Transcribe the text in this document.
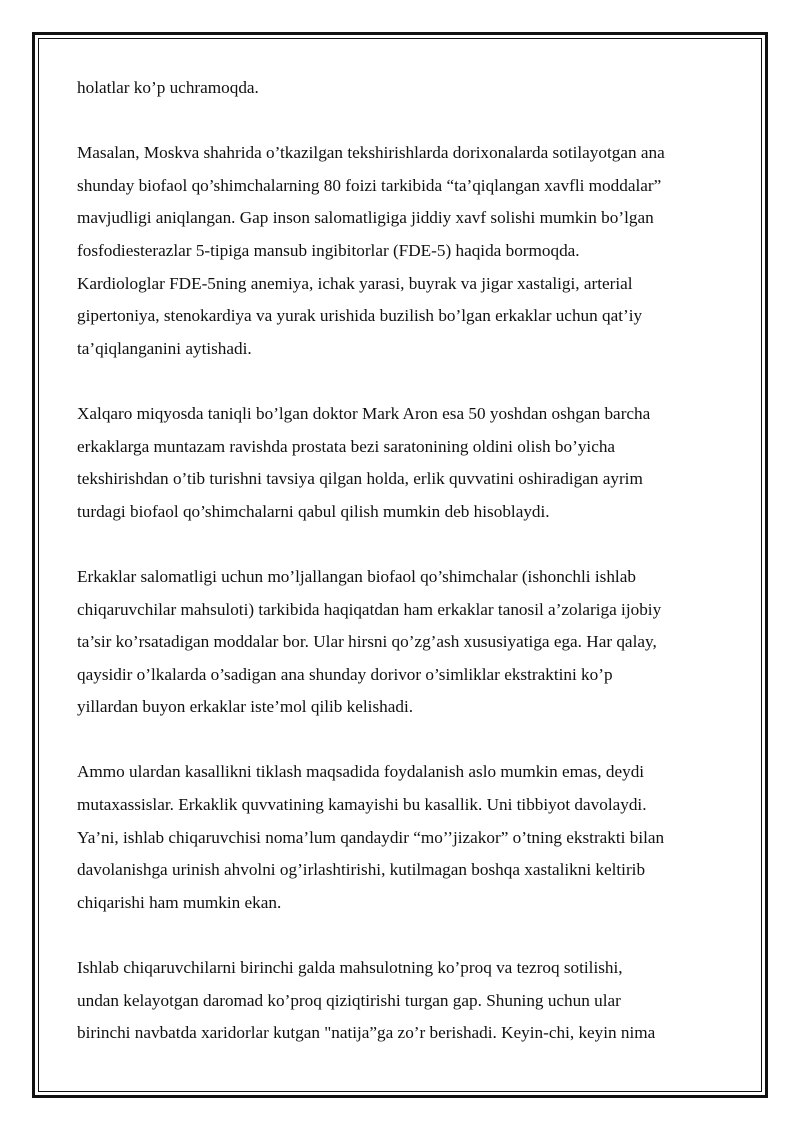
holatlar ko’p uchramoqda.

Masalan, Moskva shahrida o’tkazilgan tekshirishlarda dorixonalarda sotilayotgan ana
shunday biofaol qo’shimchalarning 80 foizi tarkibida “ta’qiqlangan xavfli moddalar”
mavjudligi aniqlangan. Gap inson salomatligiga jiddiy xavf solishi mumkin bo’lgan
fosfodiesterazlar 5-tipiga mansub ingibitorlar (FDE-5) haqida bormoqda.
Kardiologlar FDE-5ning anemiya, ichak yarasi, buyrak va jigar xastaligi, arterial
gipertoniya, stenokardiya va yurak urishida buzilish bo’lgan erkaklar uchun qat’iy
ta’qiqlanganini aytishadi.

Xalqaro miqyosda taniqli bo’lgan doktor Mark Aron esa 50 yoshdan oshgan barcha
erkaklarga muntazam ravishda prostata bezi saratonining oldini olish bo’yicha
tekshirishdan o’tib turishni tavsiya qilgan holda, erlik quvvatini oshiradigan ayrim
turdagi biofaol qo’shimchalarni qabul qilish mumkin deb hisoblaydi.

Erkaklar salomatligi uchun mo’ljallangan biofaol qo’shimchalar (ishonchli ishlab
chiqaruvchilar mahsuloti) tarkibida haqiqatdan ham erkaklar tanosil a’zolariga ijobiy
ta’sir ko’rsatadigan moddalar bor. Ular hirsni qo’zg’ash xususiyatiga ega. Har qalay,
qaysidir o’lkalarda o’sadigan ana shunday dorivor o’simliklar ekstraktini ko’p
yillardan buyon erkaklar iste’mol qilib kelishadi.

Ammo ulardan kasallikni tiklash maqsadida foydalanish aslo mumkin emas, deydi
mutaxassislar. Erkaklik quvvatining kamayishi bu kasallik. Uni tibbiyot davolaydi.
Ya’ni, ishlab chiqaruvchisi noma’lum qandaydir “mo’’jizakor” o’tning ekstrakti bilan
davolanishga urinish ahvolni og’irlashtirishi, kutilmagan boshqa xastalikni keltirib
chiqarishi ham mumkin ekan.

Ishlab chiqaruvchilarni birinchi galda mahsulotning ko’proq va tezroq sotilishi,
undan kelayotgan daromad ko’proq qiziqtirishi turgan gap. Shuning uchun ular
birinchi navbatda xaridorlar kutgan "natija”ga zo’r berishadi. Keyin-chi, keyin nima
